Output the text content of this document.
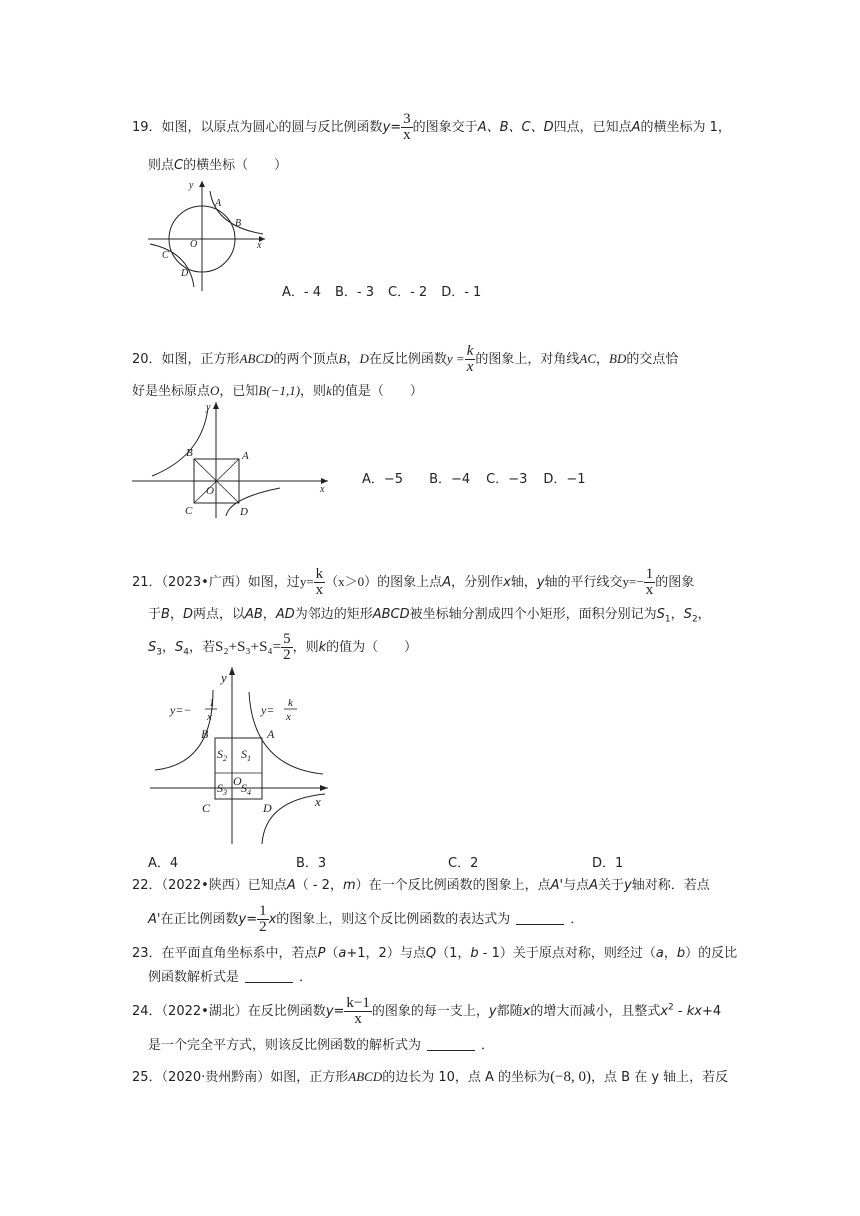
19．如图，以原点为圆心的圆与反比例函数$y= \frac{3}{x}$ 的图象交于A、B、C、D四点，已知点A的横坐标为 1，
则点C的横坐标（　　）
y
x
O
A
B
C
D
A．- 4 B．- 3 C．- 2 D．- 1
20．如图，正方形ABCD的两个顶点B，D在反比例函数$y = \frac{k}{x}$ 的图象上，对角线AC，BD的交点恰
好是坐标原点O，已知B(−1,1)，则k的值是（　　）
y
x
O
A
B
C	D
A．−5 B．−4 C．−3 D．−1
21．（2023•广西）如图，过$y= \frac{k}{x} (x>0)$的图象上点A，分别作x轴，y轴的平行线交$y=- \frac{1}{x}$ 的图象
于B，D两点，以AB，AD为邻边的矩形ABCD被坐标轴分割成四个小矩形，面积分别记为$S_1$，$S_2$，
$S_3$，$S_4$，若$S_2+S_3+S_4= \frac{5}{2}$ ，则k的值为（　　）
y
x
O
A
B
C	D
$S_2$ $S_1$
$S_3$ $S_4$
y=− 1
x	y= k
x
A．4	B．3	C．2	D．1
22．（2022•陕西）已知点A（ - 2，m）在一个反比例函数的图象上，点A'与点A关于y轴对称．若点
A'在正比例函数$y= \frac{1}{2}$ x的图象上，则这个反比例函数的表达式为	．
23．在平面直角坐标系中，若点P（a+1，2）与点Q（1，b - 1）关于原点对称，则经过（a，b）的反比
例函数解析式是	．
24．（2022•湖北）在反比例函数$y= \frac{k-1}{x}$ 的图象的每一支上，y都随x的增大而减小，且整式$x^2 - kx+4$
是一个完全平方式，则该反比例函数的解析式为	．
25．（2020·贵州黔南）如图，正方形ABCD的边长为 10，点 A 的坐标为(−8, 0)，点 B 在 y 轴上，若反
